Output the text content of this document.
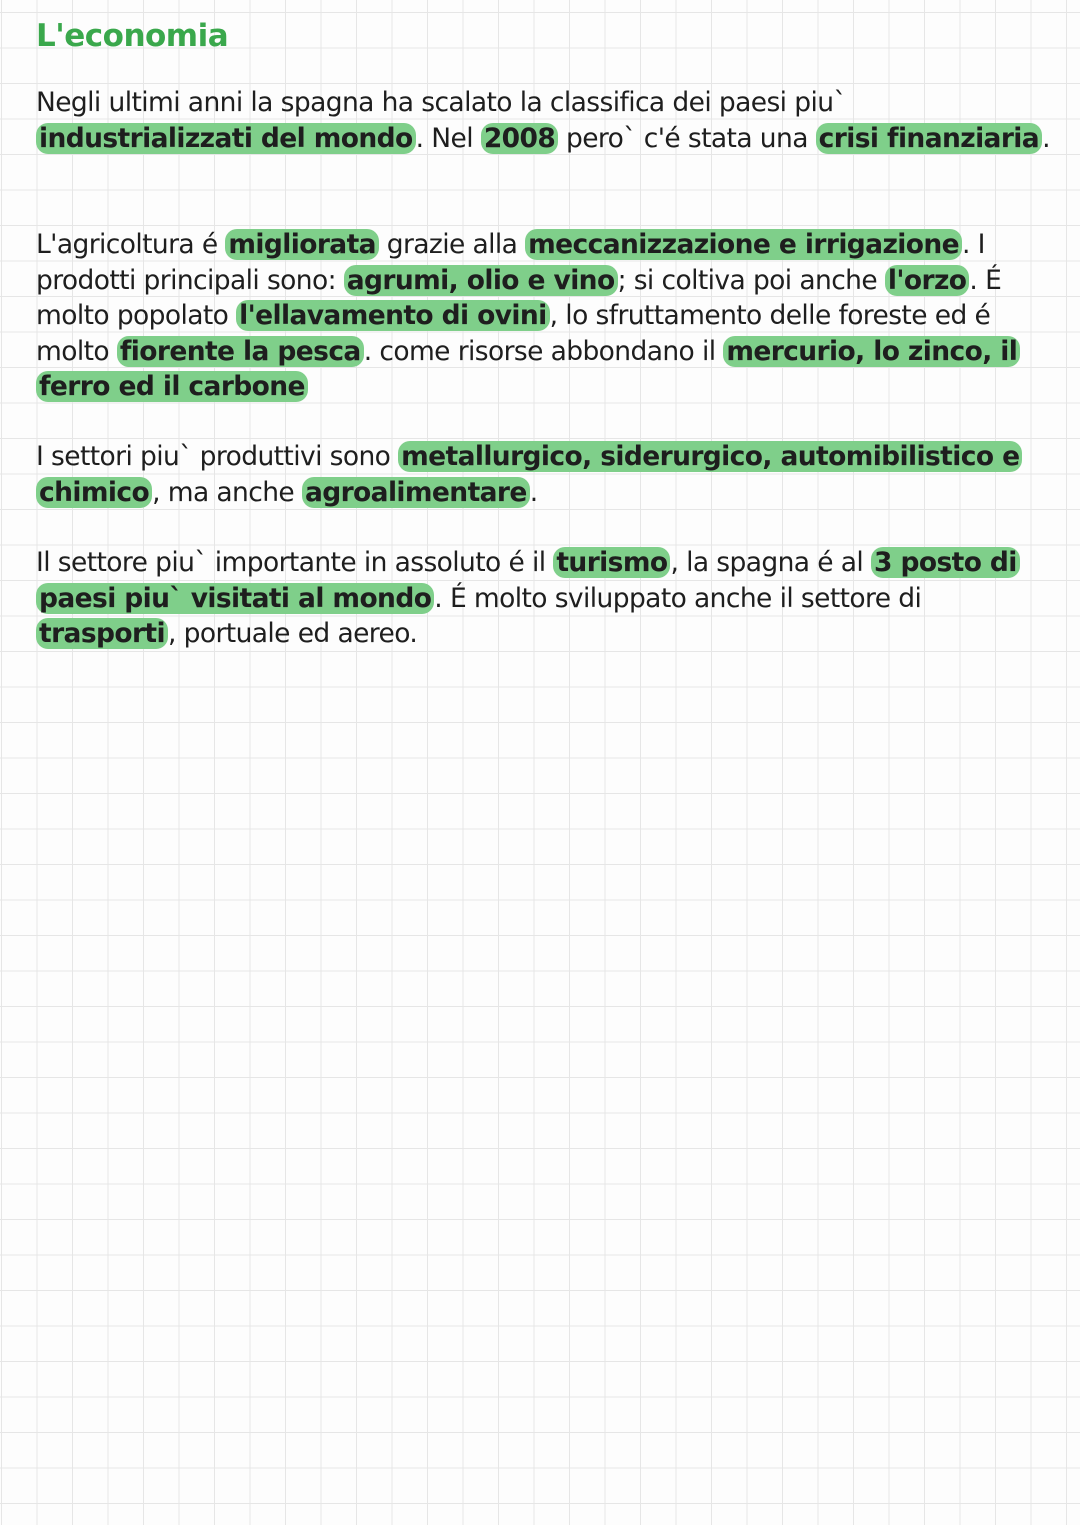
L'economia

Negli ultimi anni la spagna ha scalato la classifica dei paesi piu` industrializzati del mondo . Nel 2008 pero` c'é stata una crisi finanziaria .

L'agricoltura é migliorata grazie alla meccanizzazione e irrigazione . I prodotti principali sono: agrumi, olio e vino ; si coltiva poi anche l'orzo . É molto popolato l'ellavamento di ovini , lo sfruttamento delle foreste ed é molto fiorente la pesca . come risorse abbondano il mercurio, lo zinco, il ferro ed il carbone

I settori piu` produttivi sono metallurgico, siderurgico, automibilistico e chimico , ma anche agroalimentare .

Il settore piu` importante in assoluto é il turismo , la spagna é al 3 posto di paesi piu` visitati al mondo . É molto sviluppato anche il settore di trasporti , portuale ed aereo.
